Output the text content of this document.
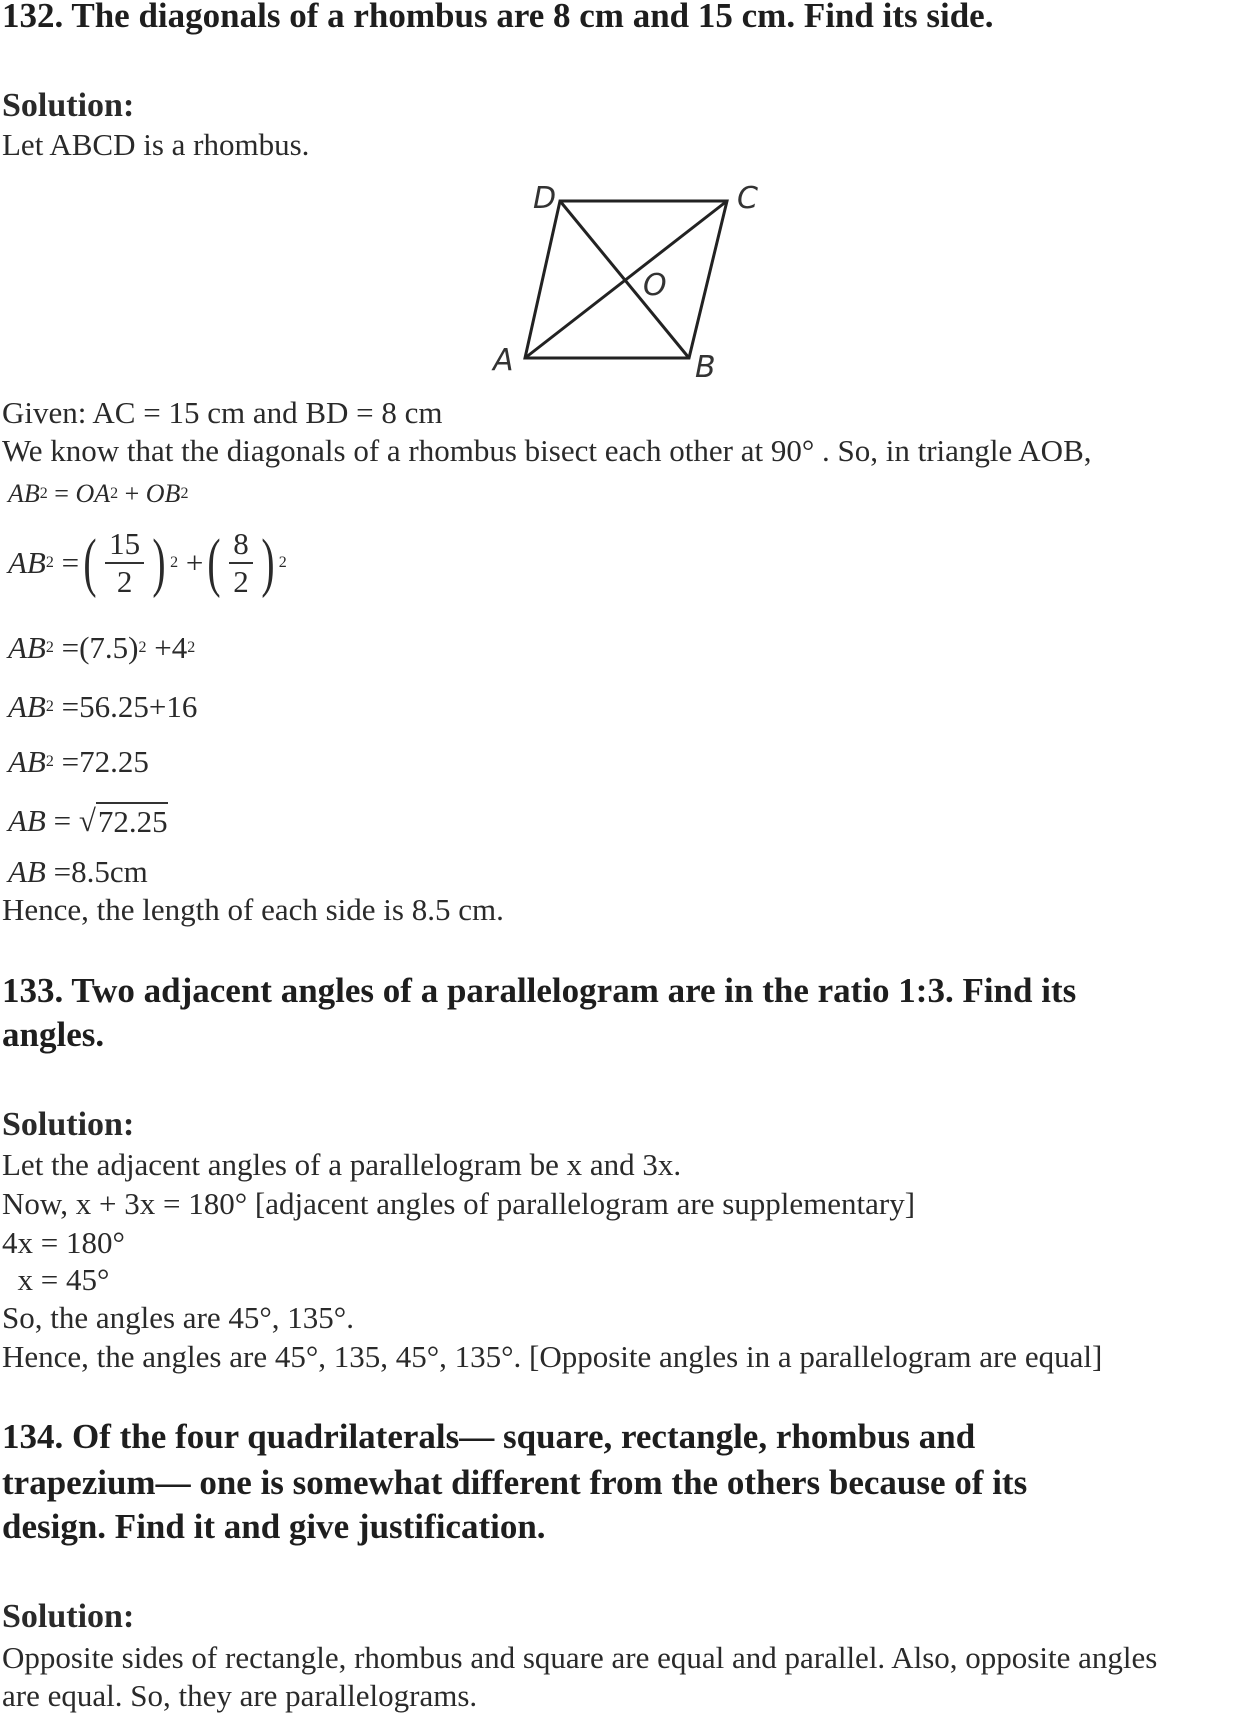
132. The diagonals of a rhombus are 8 cm and 15 cm. Find its side.
Solution:
Let ABCD is a rhombus.
D	C
A	B
O
Given: AC = 15 cm and BD = 8 cm
We know that the diagonals of a rhombus bisect each other at 90° . So, in triangle AOB,
AB 2 = OA 2 + OB 2
AB 2 = ( $\frac{15}{2}$ ) 2 + ( $\frac{8}{2}$ ) 2
AB 2 = (7.5) 2
+4 2
AB 2
=56.25+16
AB 2
=72.25
AB = √ 72.25
AB
=8.5cm
Hence, the length of each side is 8.5 cm.
133. Two adjacent angles of a parallelogram are in the ratio 1:3. Find its
angles.
Solution:
Let the adjacent angles of a parallelogram be x and 3x.
Now, x + 3x = 180° [adjacent angles of parallelogram are supplementary]
4x = 180°
x = 45°
So, the angles are 45°, 135°.
Hence, the angles are 45°, 135, 45°, 135°. [Opposite angles in a parallelogram are equal]
134. Of the four quadrilaterals— square, rectangle, rhombus and
trapezium— one is somewhat different from the others because of its
design. Find it and give justification.
Solution:
Opposite sides of rectangle, rhombus and square are equal and parallel. Also, opposite angles
are equal. So, they are parallelograms.
